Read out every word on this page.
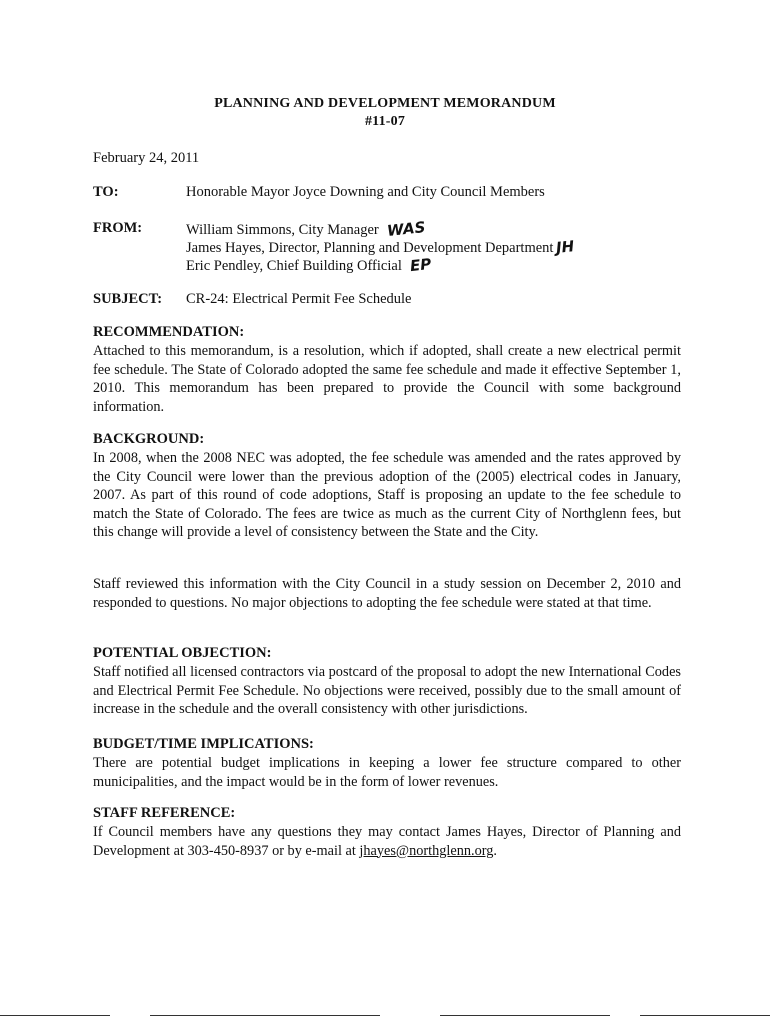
PLANNING AND DEVELOPMENT MEMORANDUM
#11-07
February 24, 2011
TO:	Honorable Mayor Joyce Downing and City Council Members
FROM:	William Simmons, City Manager WAS
James Hayes, Director, Planning and Development Department JH
Eric Pendley, Chief Building Official EP
SUBJECT: CR-24: Electrical Permit Fee Schedule
RECOMMENDATION:
Attached to this memorandum, is a resolution, which if adopted, shall create a new electrical permit fee schedule. The State of Colorado adopted the same fee schedule and made it effective September 1, 2010. This memorandum has been prepared to provide the Council with some background information.
BACKGROUND:
In 2008, when the 2008 NEC was adopted, the fee schedule was amended and the rates approved by the City Council were lower than the previous adoption of the (2005) electrical codes in January, 2007. As part of this round of code adoptions, Staff is proposing an update to the fee schedule to match the State of Colorado. The fees are twice as much as the current City of Northglenn fees, but this change will provide a level of consistency between the State and the City.
Staff reviewed this information with the City Council in a study session on December 2, 2010 and responded to questions. No major objections to adopting the fee schedule were stated at that time.
POTENTIAL OBJECTION:
Staff notified all licensed contractors via postcard of the proposal to adopt the new International Codes and Electrical Permit Fee Schedule. No objections were received, possibly due to the small amount of increase in the schedule and the overall consistency with other jurisdictions.
BUDGET/TIME IMPLICATIONS:
There are potential budget implications in keeping a lower fee structure compared to other municipalities, and the impact would be in the form of lower revenues.
STAFF REFERENCE:
If Council members have any questions they may contact James Hayes, Director of Planning and Development at 303-450-8937 or by e-mail at jhayes@northglenn.org.
